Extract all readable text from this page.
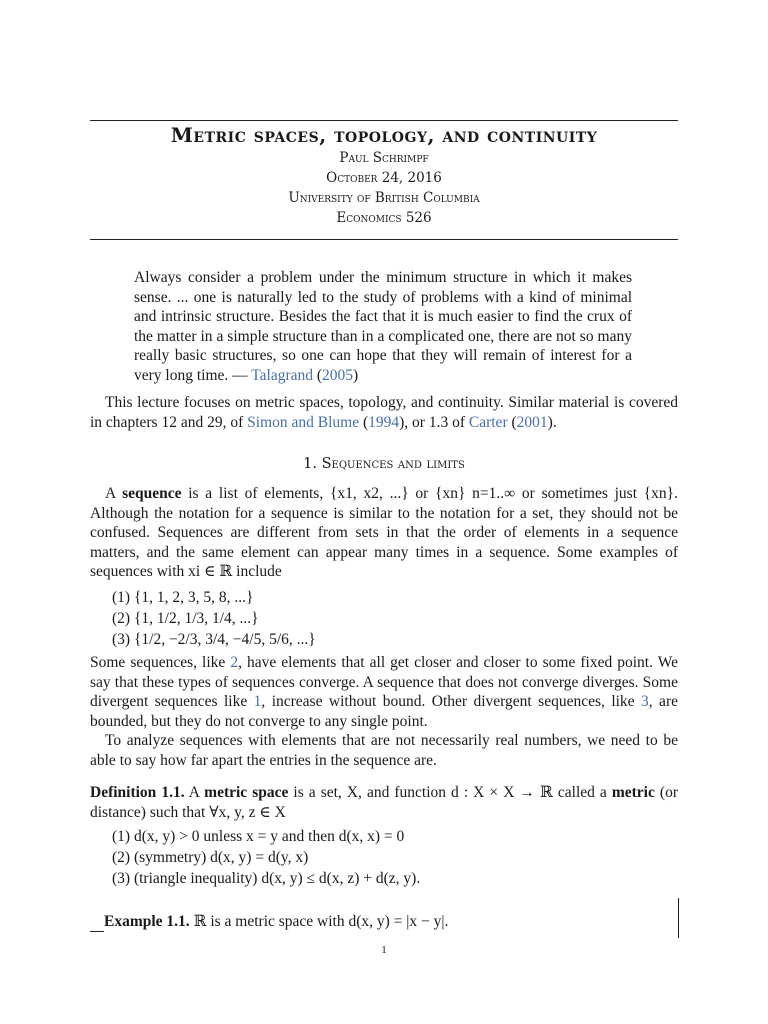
Metric spaces, topology, and continuity
Paul Schrimpf
October 24, 2016
University of British Columbia
Economics 526

Always consider a problem under the minimum structure in which it makes sense. ... one is naturally led to the study of problems with a kind of minimal and intrinsic structure. Besides the fact that it is much easier to find the crux of the matter in a simple structure than in a complicated one, there are not so many really basic structures, so one can hope that they will remain of interest for a very long time. — Talagrand (2005)

This lecture focuses on metric spaces, topology, and continuity. Similar material is covered in chapters 12 and 29, of Simon and Blume (1994), or 1.3 of Carter (2001).

1. Sequences and limits

A sequence is a list of elements, {x1, x2, ...} or {xn} n=1..∞ or sometimes just {xn}. Although the notation for a sequence is similar to the notation for a set, they should not be confused. Sequences are different from sets in that the order of elements in a sequence matters, and the same element can appear many times in a sequence. Some examples of sequences with xi ∈ ℝ include

(1) {1, 1, 2, 3, 5, 8, ...}
(2) {1, 1/2, 1/3, 1/4, ...}
(3) {1/2, −2/3, 3/4, −4/5, 5/6, ...}

Some sequences, like 2, have elements that all get closer and closer to some fixed point. We say that these types of sequences converge. A sequence that does not converge diverges. Some divergent sequences like 1, increase without bound. Other divergent sequences, like 3, are bounded, but they do not converge to any single point.

To analyze sequences with elements that are not necessarily real numbers, we need to be able to say how far apart the entries in the sequence are.

Definition 1.1. A metric space is a set, X, and function d : X × X → ℝ called a metric (or distance) such that ∀x, y, z ∈ X

(1) d(x, y) > 0 unless x = y and then d(x, x) = 0
(2) (symmetry) d(x, y) = d(y, x)
(3) (triangle inequality) d(x, y) ≤ d(x, z) + d(z, y).
Example 1.1. ℝ is a metric space with d(x, y) = |x − y|.
1
